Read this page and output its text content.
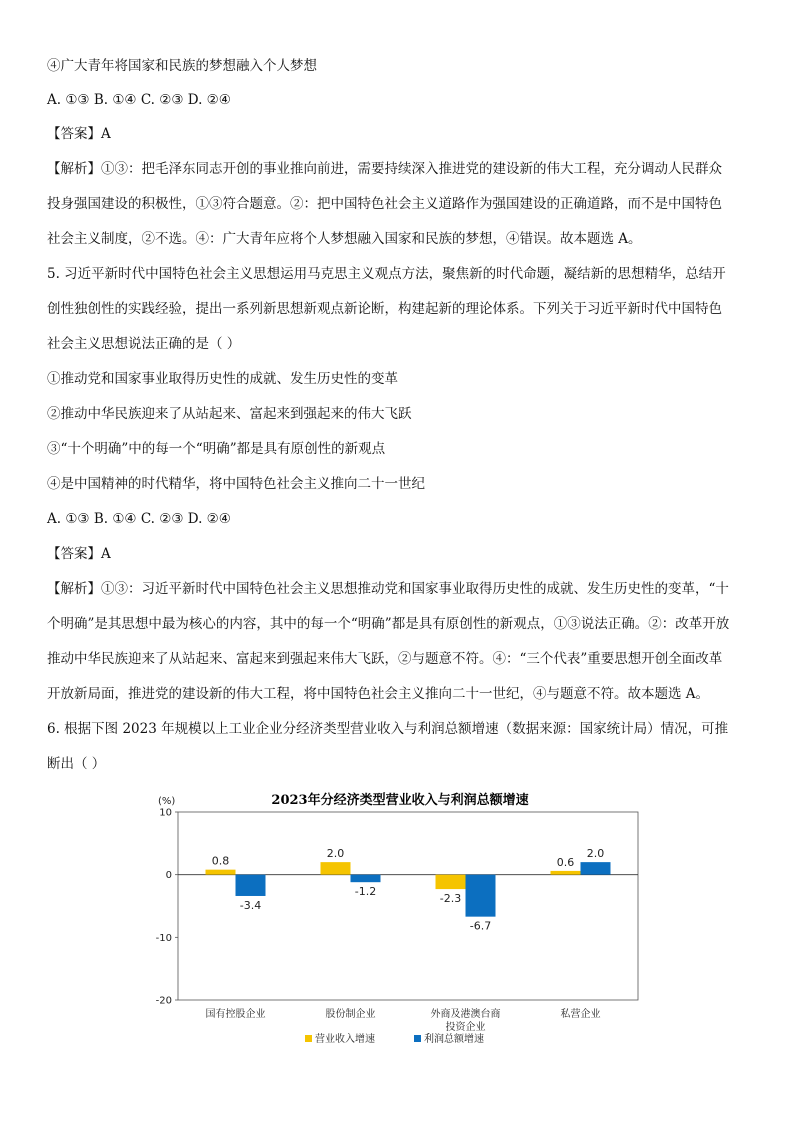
④广大青年将国家和民族的梦想融入个人梦想
A. ①③ B. ①④ C. ②③ D. ②④
【答案】A
【解析】①③：把毛泽东同志开创的事业推向前进，需要持续深入推进党的建设新的伟大工程，充分调动人民群众
投身强国建设的积极性，①③符合题意。②：把中国特色社会主义道路作为强国建设的正确道路，而不是中国特色
社会主义制度，②不选。④：广大青年应将个人梦想融入国家和民族的梦想，④错误。故本题选 A。
5. 习近平新时代中国特色社会主义思想运用马克思主义观点方法，聚焦新的时代命题，凝结新的思想精华，总结开
创性独创性的实践经验，提出一系列新思想新观点新论断，构建起新的理论体系。下列关于习近平新时代中国特色
社会主义思想说法正确的是（ ）
①推动党和国家事业取得历史性的成就、发生历史性的变革
②推动中华民族迎来了从站起来、富起来到强起来的伟大飞跃
③“十个明确”中的每一个“明确”都是具有原创性的新观点
④是中国精神的时代精华，将中国特色社会主义推向二十一世纪
A. ①③ B. ①④ C. ②③ D. ②④
【答案】A
【解析】①③：习近平新时代中国特色社会主义思想推动党和国家事业取得历史性的成就、发生历史性的变革，“十
个明确”是其思想中最为核心的内容，其中的每一个“明确”都是具有原创性的新观点，①③说法正确。②：改革开放
推动中华民族迎来了从站起来、富起来到强起来伟大飞跃，②与题意不符。④：“三个代表”重要思想开创全面改革
开放新局面，推进党的建设新的伟大工程，将中国特色社会主义推向二十一世纪，④与题意不符。故本题选 A。
6. 根据下图 2023 年规模以上工业企业分经济类型营业收入与利润总额增速（数据来源：国家统计局）情况，可推
断出（ ）
2023年分经济类型营业收入与利润总额增速
(%)
10
0
-10
-20
0.8
-3.4
国有控股企业
2.0
-1.2
股份制企业
-2.3
-6.7
外商及港澳台商
投资企业
0.6
2.0
私营企业
营业收入增速	利润总额增速
